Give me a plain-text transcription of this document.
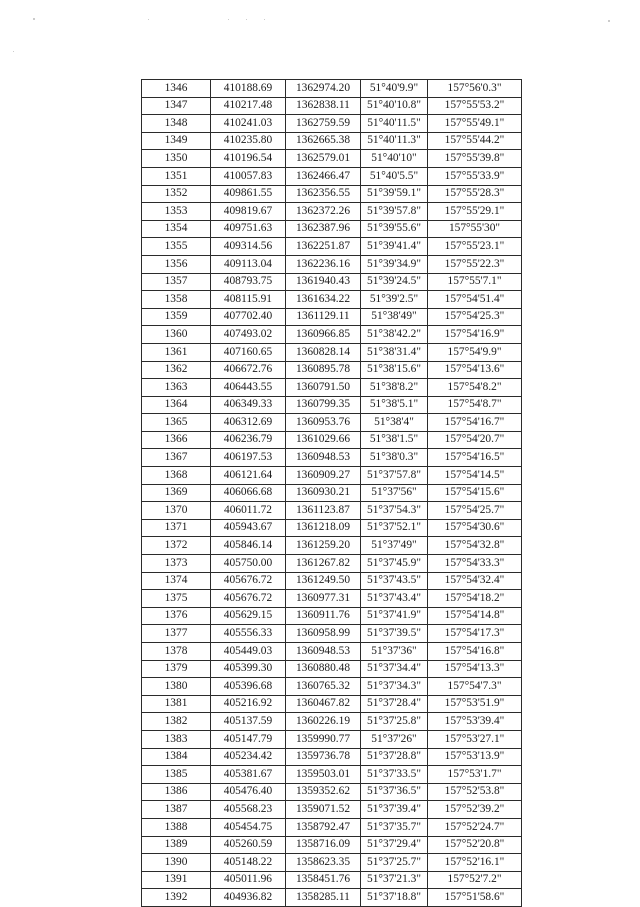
1346	410188.69	1362974.20	51°40'9.9"	157°56'0.3"
1347	410217.48	1362838.11	51°40'10.8"	157°55'53.2"
1348	410241.03	1362759.59	51°40'11.5"	157°55'49.1"
1349	410235.80	1362665.38	51°40'11.3"	157°55'44.2"
1350	410196.54	1362579.01	51°40'10"	157°55'39.8"
1351	410057.83	1362466.47	51°40'5.5"	157°55'33.9"
1352	409861.55	1362356.55	51°39'59.1"	157°55'28.3"
1353	409819.67	1362372.26	51°39'57.8"	157°55'29.1"
1354	409751.63	1362387.96	51°39'55.6"	157°55'30"
1355	409314.56	1362251.87	51°39'41.4"	157°55'23.1"
1356	409113.04	1362236.16	51°39'34.9"	157°55'22.3"
1357	408793.75	1361940.43	51°39'24.5"	157°55'7.1"
1358	408115.91	1361634.22	51°39'2.5"	157°54'51.4"
1359	407702.40	1361129.11	51°38'49"	157°54'25.3"
1360	407493.02	1360966.85	51°38'42.2"	157°54'16.9"
1361	407160.65	1360828.14	51°38'31.4"	157°54'9.9"
1362	406672.76	1360895.78	51°38'15.6"	157°54'13.6"
1363	406443.55	1360791.50	51°38'8.2"	157°54'8.2"
1364	406349.33	1360799.35	51°38'5.1"	157°54'8.7"
1365	406312.69	1360953.76	51°38'4"	157°54'16.7"
1366	406236.79	1361029.66	51°38'1.5"	157°54'20.7"
1367	406197.53	1360948.53	51°38'0.3"	157°54'16.5"
1368	406121.64	1360909.27	51°37'57.8"	157°54'14.5"
1369	406066.68	1360930.21	51°37'56"	157°54'15.6"
1370	406011.72	1361123.87	51°37'54.3"	157°54'25.7"
1371	405943.67	1361218.09	51°37'52.1"	157°54'30.6"
1372	405846.14	1361259.20	51°37'49"	157°54'32.8"
1373	405750.00	1361267.82	51°37'45.9"	157°54'33.3"
1374	405676.72	1361249.50	51°37'43.5"	157°54'32.4"
1375	405676.72	1360977.31	51°37'43.4"	157°54'18.2"
1376	405629.15	1360911.76	51°37'41.9"	157°54'14.8"
1377	405556.33	1360958.99	51°37'39.5"	157°54'17.3"
1378	405449.03	1360948.53	51°37'36"	157°54'16.8"
1379	405399.30	1360880.48	51°37'34.4"	157°54'13.3"
1380	405396.68	1360765.32	51°37'34.3"	157°54'7.3"
1381	405216.92	1360467.82	51°37'28.4"	157°53'51.9"
1382	405137.59	1360226.19	51°37'25.8"	157°53'39.4"
1383	405147.79	1359990.77	51°37'26"	157°53'27.1"
1384	405234.42	1359736.78	51°37'28.8"	157°53'13.9"
1385	405381.67	1359503.01	51°37'33.5"	157°53'1.7"
1386	405476.40	1359352.62	51°37'36.5"	157°52'53.8"
1387	405568.23	1359071.52	51°37'39.4"	157°52'39.2"
1388	405454.75	1358792.47	51°37'35.7"	157°52'24.7"
1389	405260.59	1358716.09	51°37'29.4"	157°52'20.8"
1390	405148.22	1358623.35	51°37'25.7"	157°52'16.1"
1391	405011.96	1358451.76	51°37'21.3"	157°52'7.2"
1392	404936.82	1358285.11	51°37'18.8"	157°51'58.6"
